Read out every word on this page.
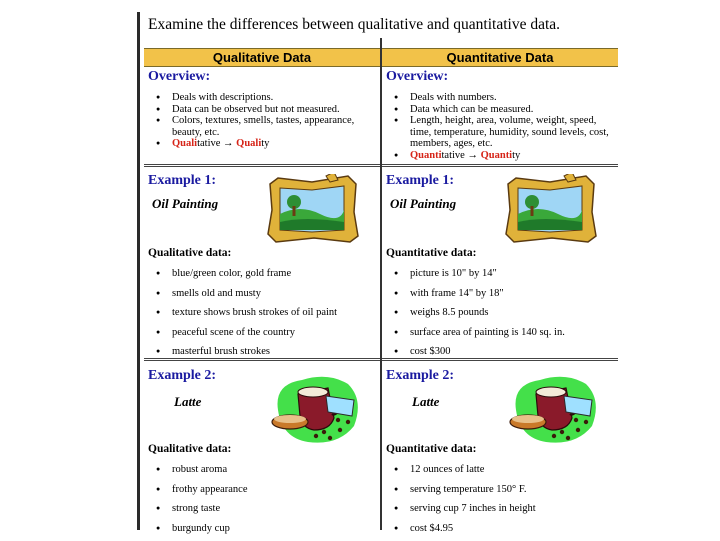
Examine the differences between qualitative and quantitative data.
Qualitative Data
Overview:
● Deals with descriptions.
● Data can be observed but not measured.
● Colors, textures, smells, tastes, appearance, beauty, etc.
● Qualitative → Quality
Example 1:
Oil Painting
Qualitative data:
● blue/green color, gold frame
● smells old and musty
● texture shows brush strokes of oil paint
● peaceful scene of the country
● masterful brush strokes
Example 2:
Latte
Qualitative data:
● robust aroma
● frothy appearance
● strong taste
● burgundy cup
Quantitative Data
Overview:
● Deals with numbers.
● Data which can be measured.
● Length, height, area, volume, weight, speed, time, temperature, humidity, sound levels, cost, members, ages, etc.
● Quantitative → Quantity
Example 1:
Oil Painting
Quantitative data:
● picture is 10" by 14"
● with frame 14" by 18"
● weighs 8.5 pounds
● surface area of painting is 140 sq. in.
● cost $300
Example 2:
Latte
Quantitative data:
● 12 ounces of latte
● serving temperature 150° F.
● serving cup 7 inches in height
● cost $4.95
